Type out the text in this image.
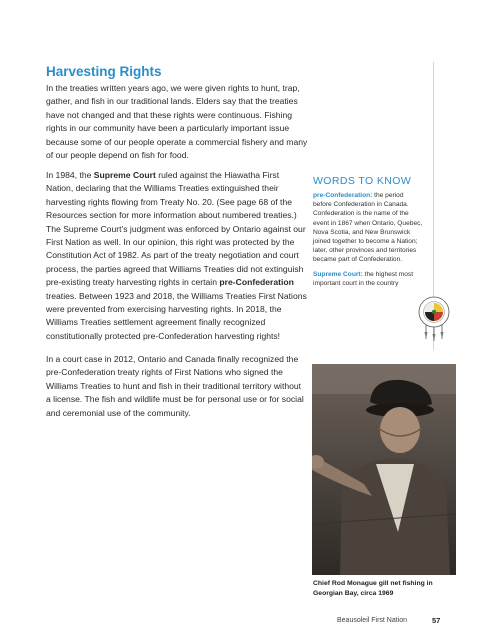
Harvesting Rights

In the treaties written years ago, we were given rights to hunt, trap, gather, and fish in our traditional lands. Elders say that the treaties have not changed and that these rights were continuous. Fishing rights in our community have been a particularly important issue because some of our people operate a commercial fishery and many of our people depend on fish for food.

In 1984, the Supreme Court ruled against the Hiawatha First Nation, declaring that the Williams Treaties extinguished their harvesting rights flowing from Treaty No. 20. (See page 68 of the Resources section for more information about numbered treaties.) The Supreme Court’s judgment was enforced by Ontario against our First Nation as well. In our opinion, this right was protected by the Constitution Act of 1982. As part of the treaty negotiation and court process, the parties agreed that Williams Treaties did not extinguish pre-existing treaty harvesting rights in certain pre-Confederation treaties. Between 1923 and 2018, the Williams Treaties First Nations were prevented from exercising harvesting rights. In 2018, the Williams Treaties settlement agreement finally recognized constitutionally protected pre-Confederation harvesting rights!

In a court case in 2012, Ontario and Canada finally recognized the pre-Confederation treaty rights of First Nations who signed the Williams Treaties to hunt and fish in their traditional territory without a license. The fish and wildlife must be for personal use or for social and ceremonial use of the community.

WORDS TO KNOW
pre-Confederation: the period before Confederation in Canada. Confederation is the name of the event in 1867 when Ontario, Quebec, Nova Scotia, and New Brunswick joined together to become a Nation; later, other provinces and territories became part of Confederation.
Supreme Court: the highest most important court in the country
Chief Rod Monague gill net fishing in Georgian Bay, circa 1969
Beausoleil First Nation	57
